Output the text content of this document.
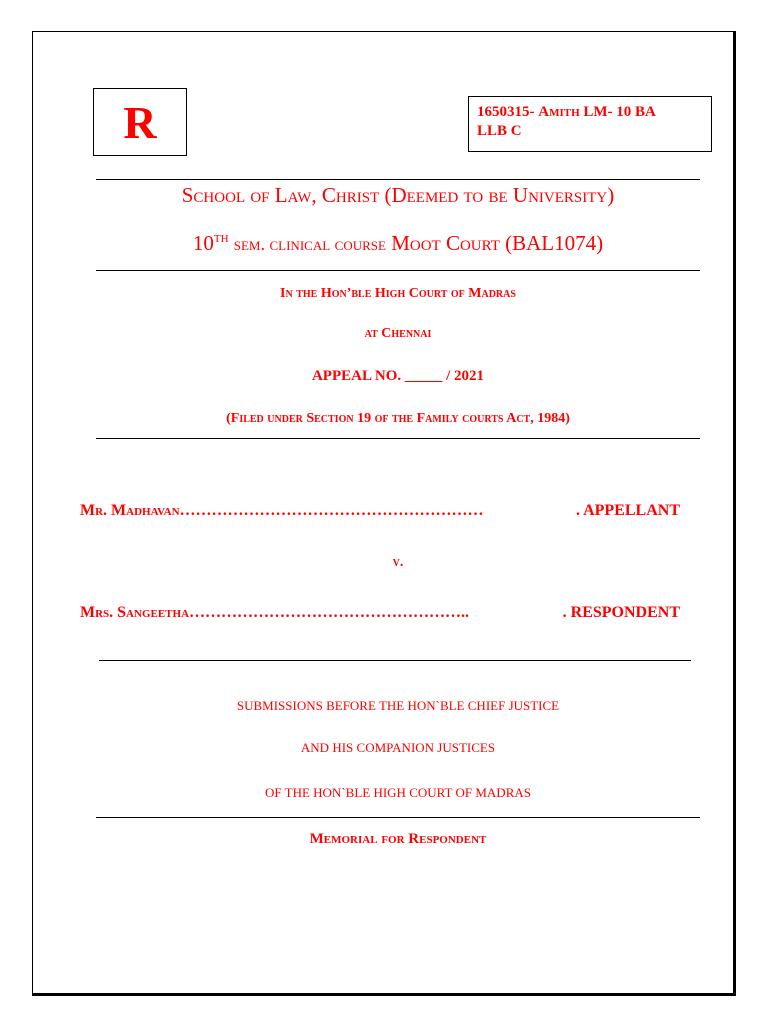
R	1650315- Amith LM- 10 BA
LLB C
School of Law, Christ (Deemed to be University)
10TH sem. clinical course Moot Court (BAL1074)
In the Hon’ble High Court of Madras
at Chennai
APPEAL NO. _____ / 2021
(Filed under Section 19 of the Family courts Act, 1984)
Mr. Madhavan…………………………………………………	. APPELLANT
v.
Mrs. Sangeetha……………………………………………..	. RESPONDENT
SUBMISSIONS BEFORE THE HON`BLE CHIEF JUSTICE
AND HIS COMPANION JUSTICES
OF THE HON`BLE HIGH COURT OF MADRAS
Memorial for Respondent
